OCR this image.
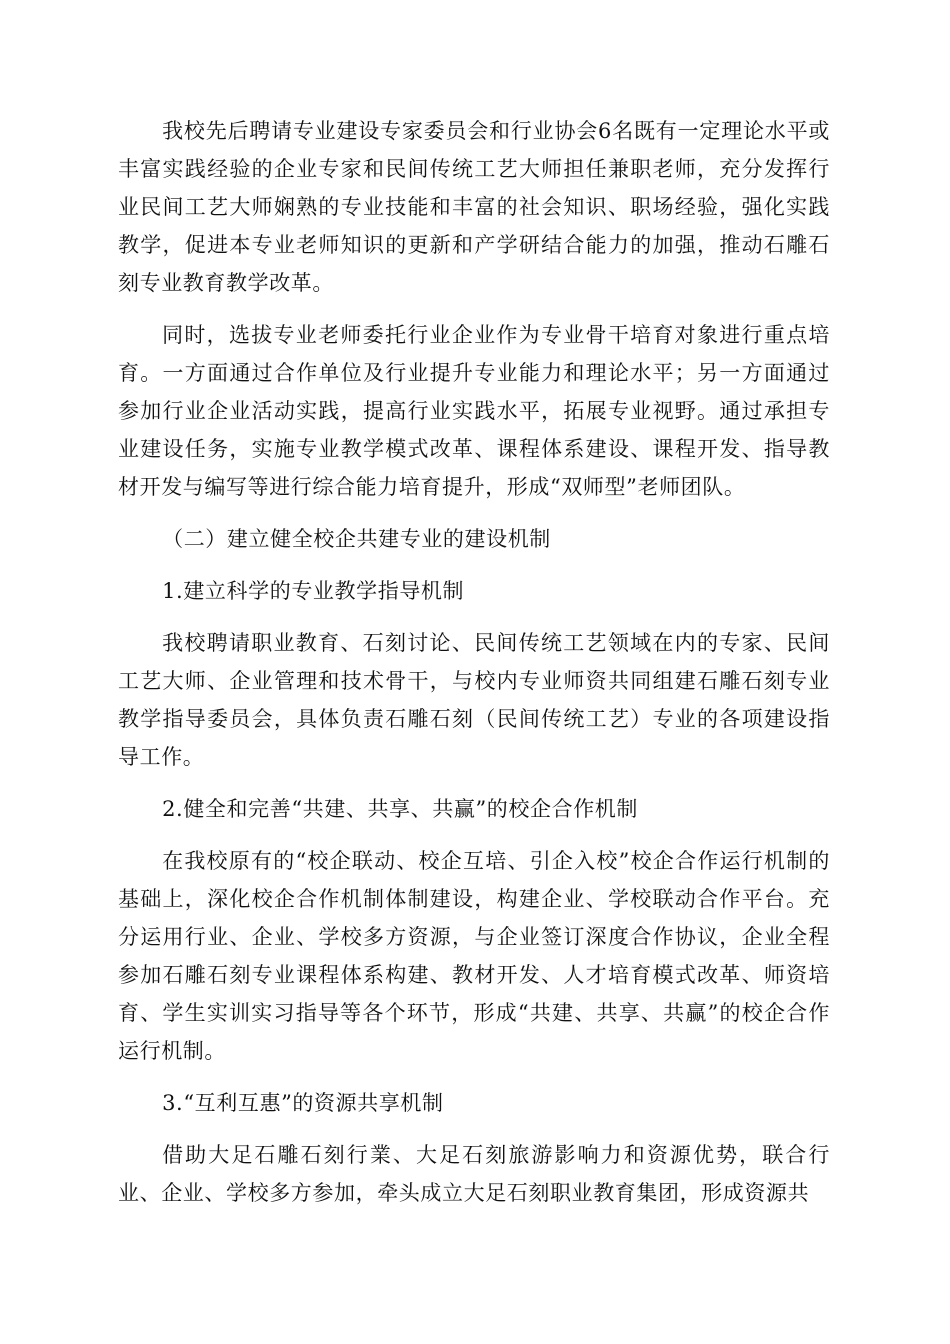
我校先后聘请专业建设专家委员会和行业协会6名既有一定理论水平或丰富实践经验的企业专家和民间传统工艺大师担任兼职老师，充分发挥行业民间工艺大师娴熟的专业技能和丰富的社会知识、职场经验，强化实践教学，促进本专业老师知识的更新和产学研结合能力的加强，推动石雕石刻专业教育教学改革。

同时，选拔专业老师委托行业企业作为专业骨干培育对象进行重点培育。一方面通过合作单位及行业提升专业能力和理论水平；另一方面通过参加行业企业活动实践，提高行业实践水平，拓展专业视野。通过承担专业建设任务，实施专业教学模式改革、课程体系建设、课程开发、指导教材开发与编写等进行综合能力培育提升，形成“双师型”老师团队。

（二）建立健全校企共建专业的建设机制

1.建立科学的专业教学指导机制

我校聘请职业教育、石刻讨论、民间传统工艺领域在内的专家、民间工艺大师、企业管理和技术骨干，与校内专业师资共同组建石雕石刻专业教学指导委员会，具体负责石雕石刻（民间传统工艺）专业的各项建设指导工作。

2.健全和完善“共建、共享、共赢”的校企合作机制

在我校原有的“校企联动、校企互培、引企入校”校企合作运行机制的基础上，深化校企合作机制体制建设，构建企业、学校联动合作平台。充分运用行业、企业、学校多方资源，与企业签订深度合作协议，企业全程参加石雕石刻专业课程体系构建、教材开发、人才培育模式改革、师资培育、学生实训实习指导等各个环节，形成“共建、共享、共赢”的校企合作运行机制。

3.“互利互惠”的资源共享机制

借助大足石雕石刻行業、大足石刻旅游影响力和资源优势，联合行业、企业、学校多方参加，牵头成立大足石刻职业教育集团，形成资源共
